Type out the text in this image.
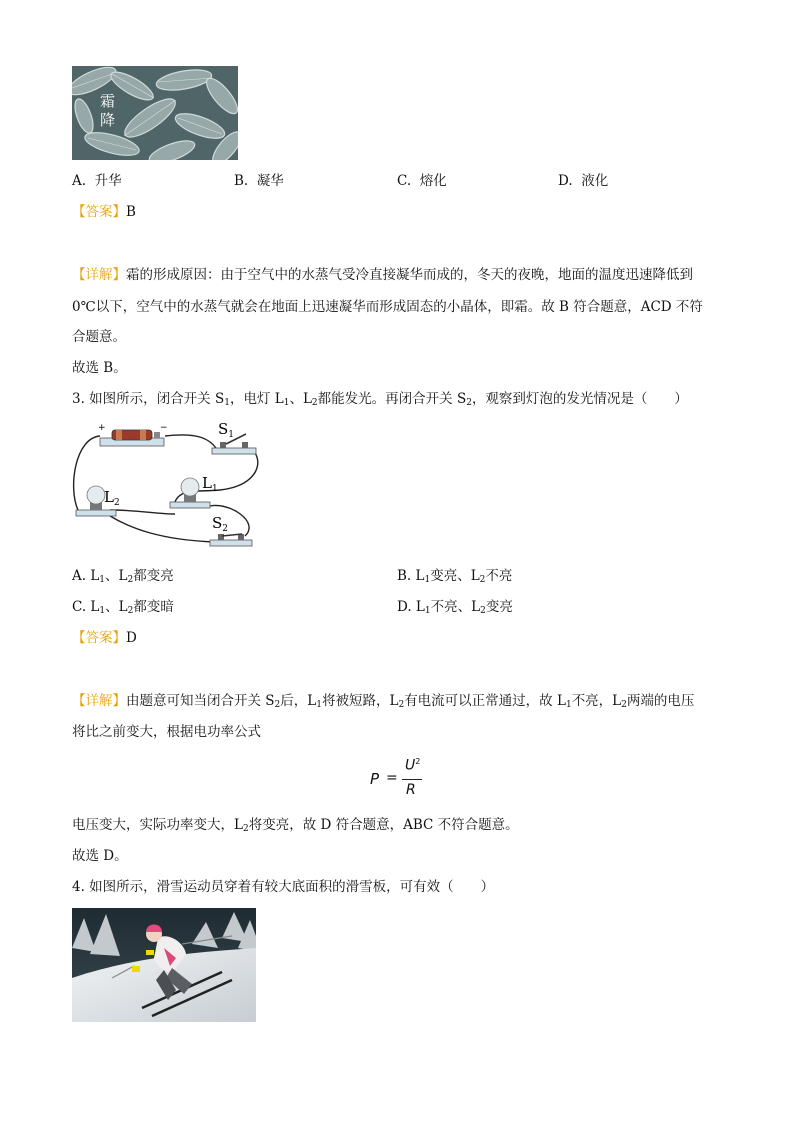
霜
降
A. 升华	B. 凝华	C. 熔化	D. 液化
【答案】B
【详解】霜的形成原因：由于空气中的水蒸气受冷直接凝华而成的，冬天的夜晚，地面的温度迅速降低到
0℃以下，空气中的水蒸气就会在地面上迅速凝华而形成固态的小晶体，即霜。故 B 符合题意，ACD 不符
合题意。
故选 B。
3. 如图所示，闭合开关 $S_1$，电灯 $L_1$、$L_2$都能发光。再闭合开关 $S_2$，观察到灯泡的发光情况是（　　）
+	−	$S_1$
$L_2$
$L_1$
$S_2$
A. $L_1$、$L_2$都变亮	B. $L_1$变亮、$L_2$不亮
C. $L_1$、$L_2$都变暗	D. $L_1$不亮、$L_2$变亮
【答案】D
【详解】由题意可知当闭合开关 $S_2$后，$L_1$将被短路，$L_2$有电流可以正常通过，故 $L_1$不亮，$L_2$两端的电压
将比之前变大，根据电功率公式
P =
$U^2$
R
电压变大，实际功率变大，$L_2$将变亮，故 D 符合题意，ABC 不符合题意。
故选 D。
4. 如图所示，滑雪运动员穿着有较大底面积的滑雪板，可有效（　　）
